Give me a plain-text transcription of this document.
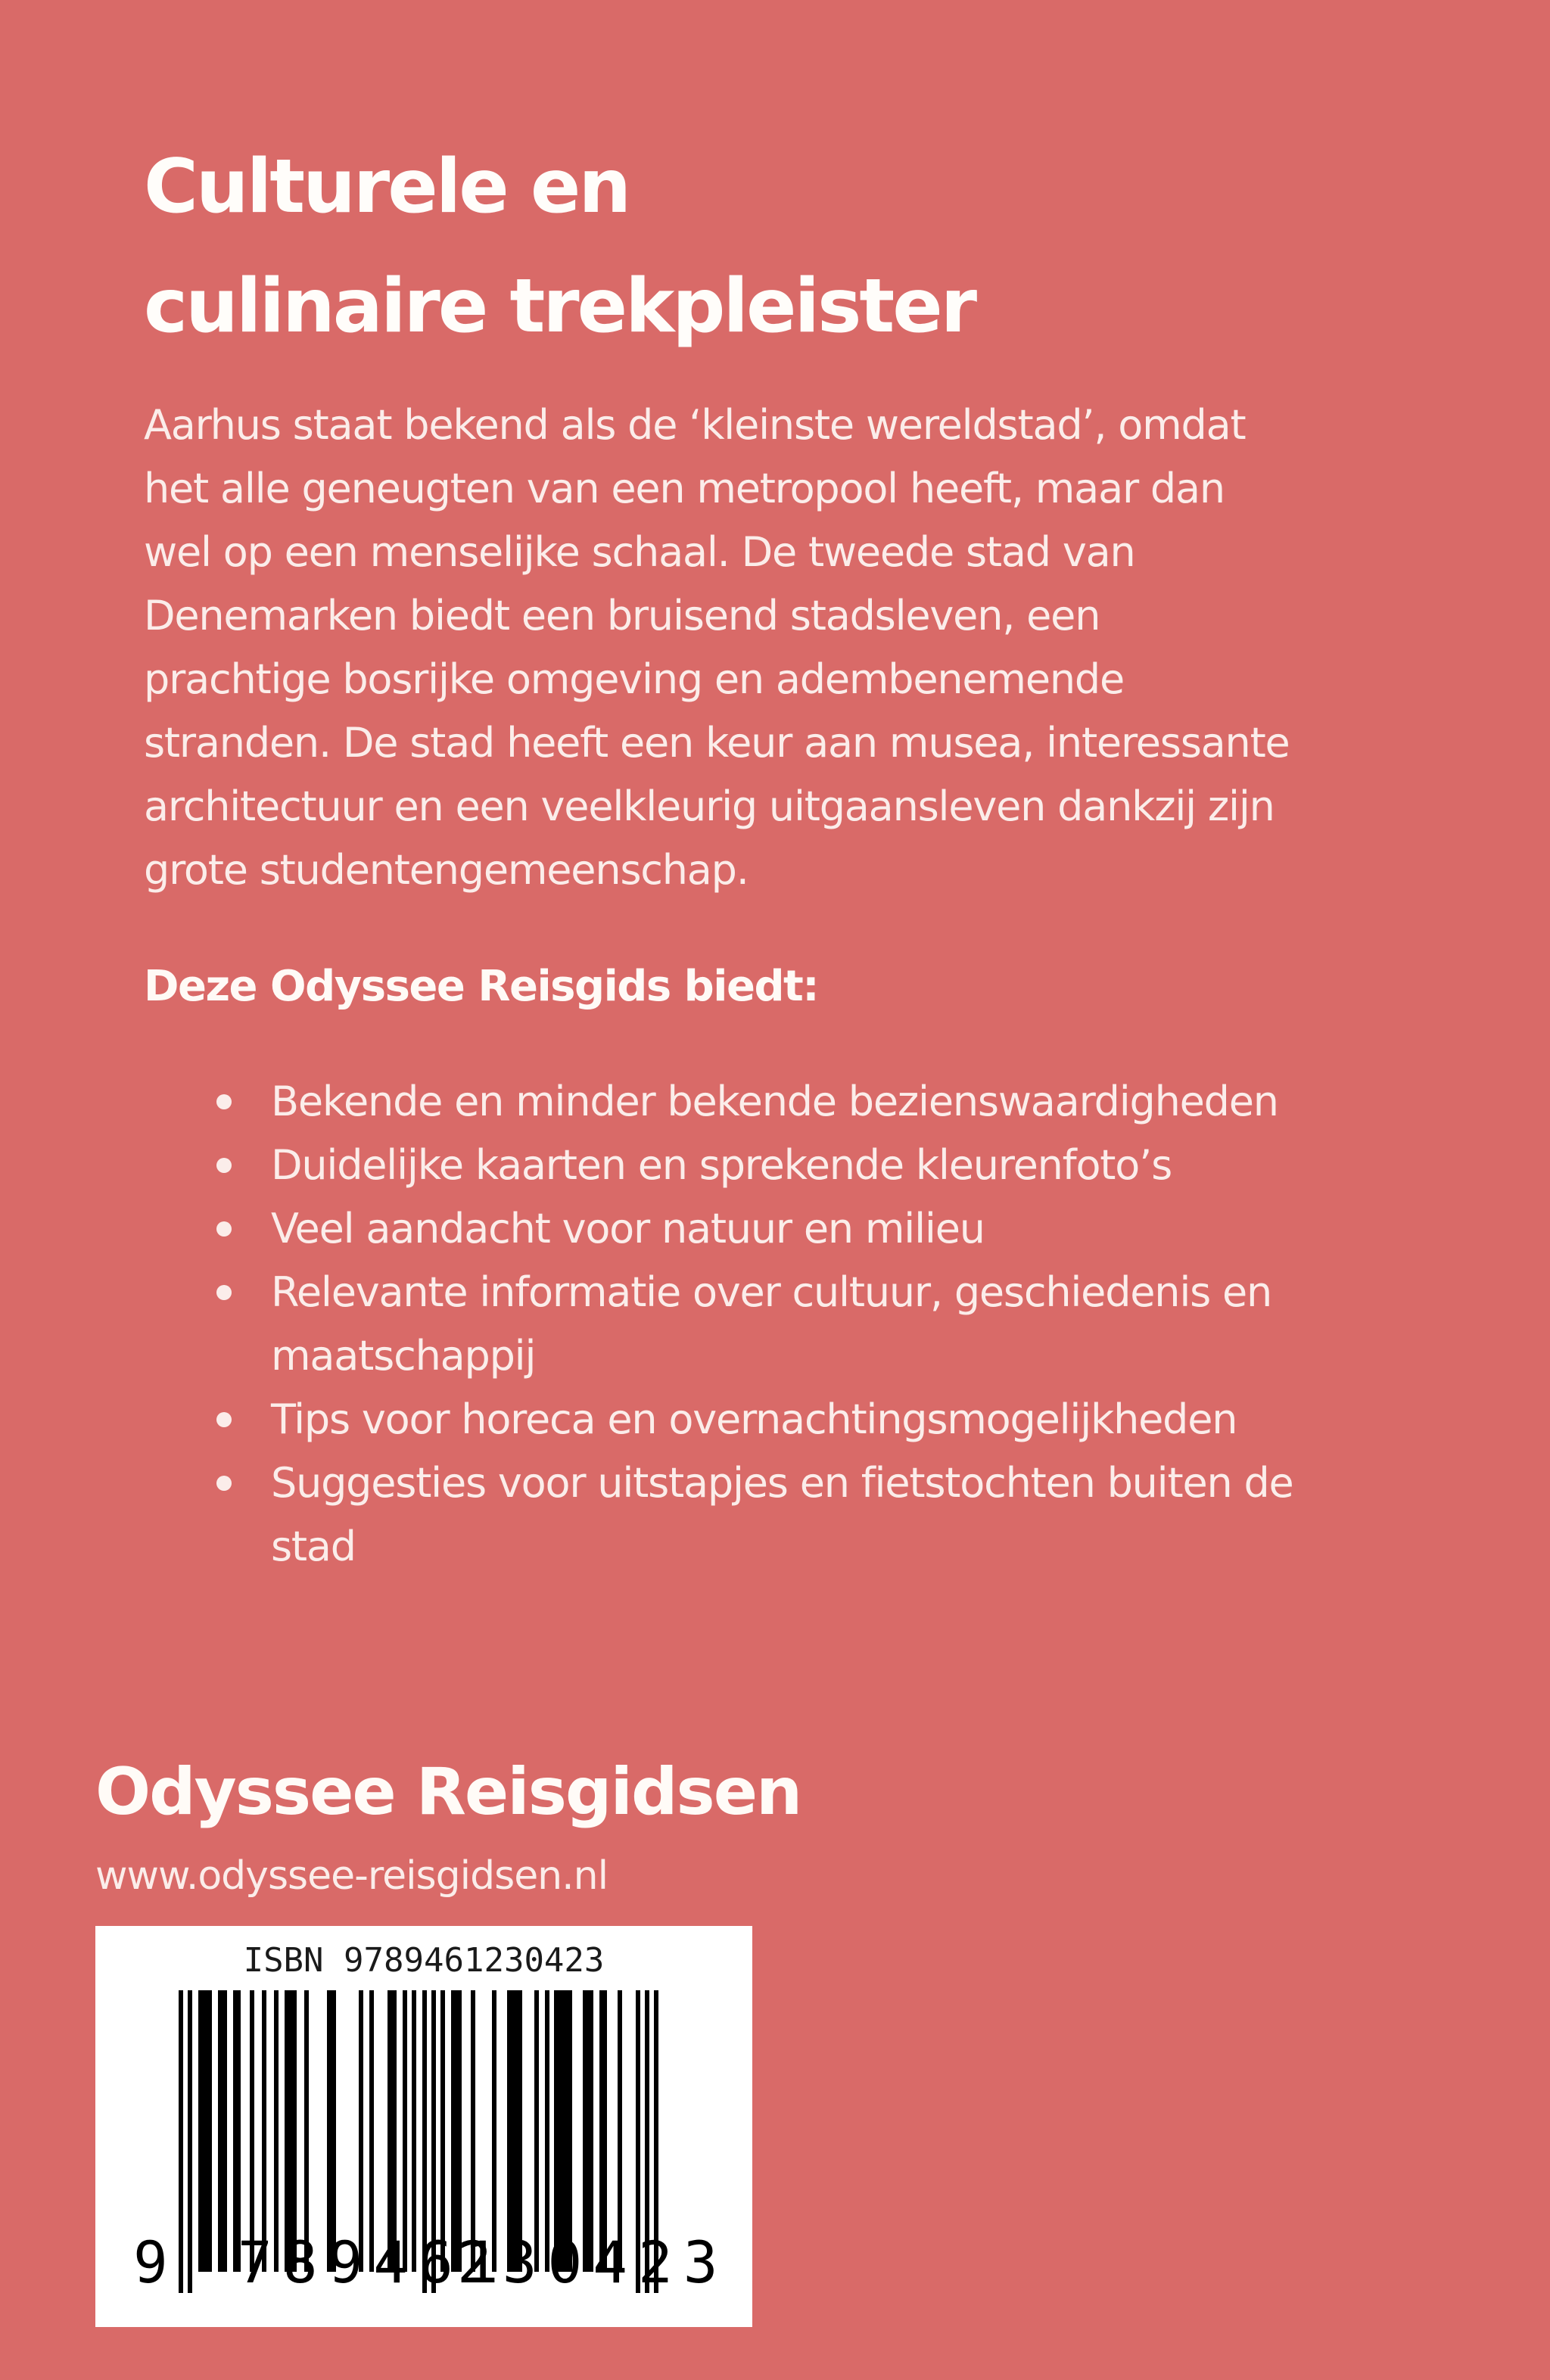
Culturele en
culinaire trekpleister

Aarhus staat bekend als de ‘kleinste wereldstad’, omdat
het alle geneugten van een metropool heeft, maar dan
wel op een menselijke schaal. De tweede stad van
Denemarken biedt een bruisend stadsleven, een
prachtige bosrijke omgeving en adembenemende
stranden. De stad heeft een keur aan musea, interessante
architectuur en een veelkleurig uitgaansleven dankzij zijn
grote studentengemeenschap.

Deze Odyssee Reisgids biedt:
Bekende en minder bekende bezienswaardigheden
Duidelijke kaarten en sprekende kleurenfoto’s
Veel aandacht voor natuur en milieu
Relevante informatie over cultuur, geschiedenis en
maatschappij
Tips voor horeca en overnachtingsmogelijkheden
Suggesties voor uitstapjes en fietstochten buiten de
stad
Odyssee Reisgidsen
www.odyssee-reisgidsen.nl
ISBN 9789461230423
9 789461
230423
